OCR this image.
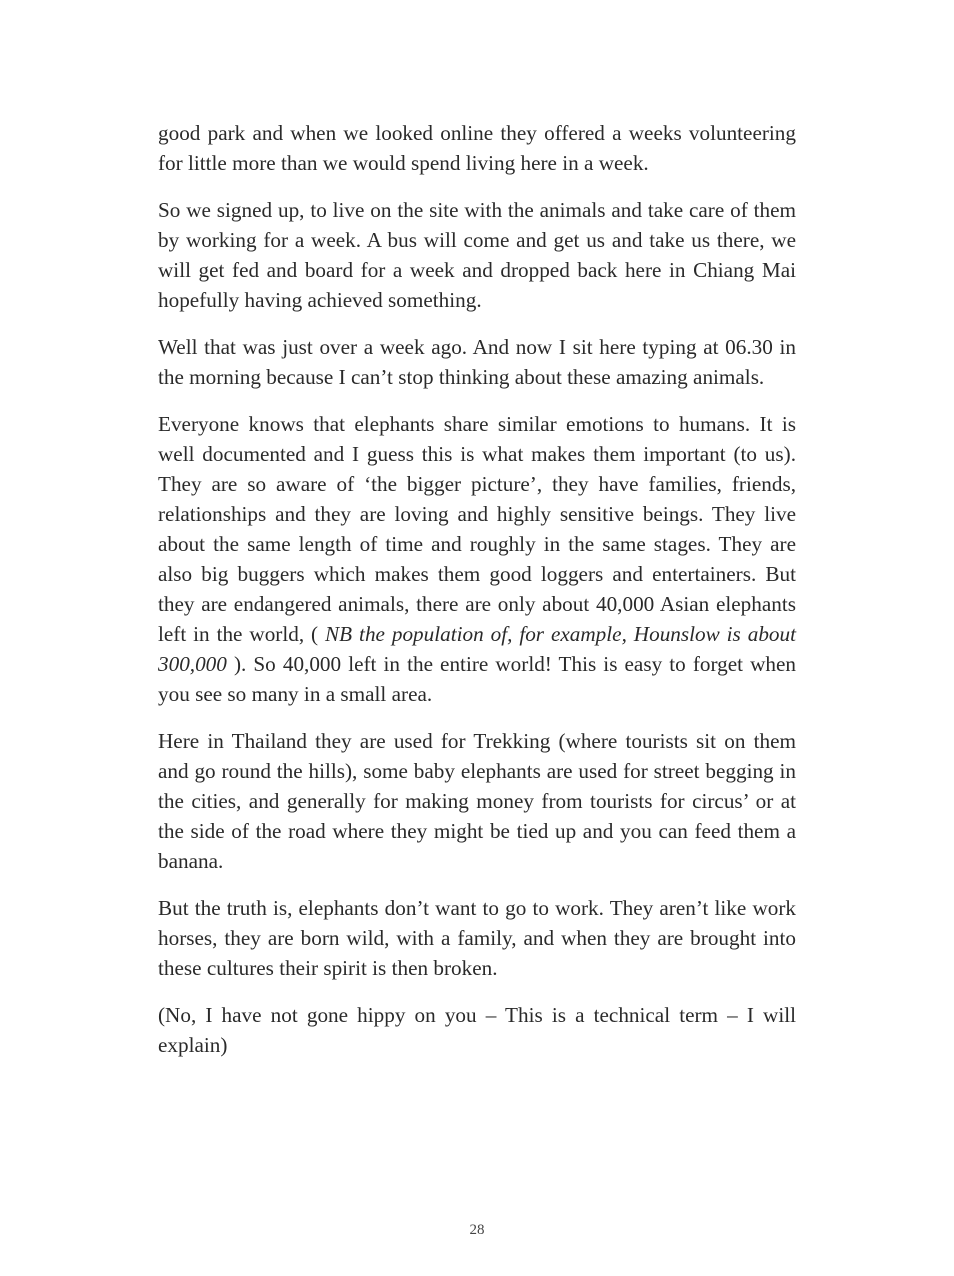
good park and when we looked online they offered a weeks volunteering for little more than we would spend living here in a week.

So we signed up, to live on the site with the animals and take care of them by working for a week. A bus will come and get us and take us there, we will get fed and board for a week and dropped back here in Chiang Mai hopefully having achieved something.

Well that was just over a week ago. And now I sit here typing at 06.30 in the morning because I can’t stop thinking about these amazing animals.

Everyone knows that elephants share similar emotions to humans. It is well documented and I guess this is what makes them important (to us). They are so aware of ‘the bigger picture’, they have families, friends, relationships and they are loving and highly sensitive beings. They live about the same length of time and roughly in the same stages. They are also big buggers which makes them good loggers and entertainers. But they are endangered animals, there are only about 40,000 Asian elephants left in the world, ( NB the population of, for example, Hounslow is about 300,000 ). So 40,000 left in the entire world! This is easy to forget when you see so many in a small area.

Here in Thailand they are used for Trekking (where tourists sit on them and go round the hills), some baby elephants are used for street begging in the cities, and generally for making money from tourists for circus’ or at the side of the road where they might be tied up and you can feed them a banana.

But the truth is, elephants don’t want to go to work. They aren’t like work horses, they are born wild, with a family, and when they are brought into these cultures their spirit is then broken.

(No, I have not gone hippy on you – This is a technical term – I will explain)

28
